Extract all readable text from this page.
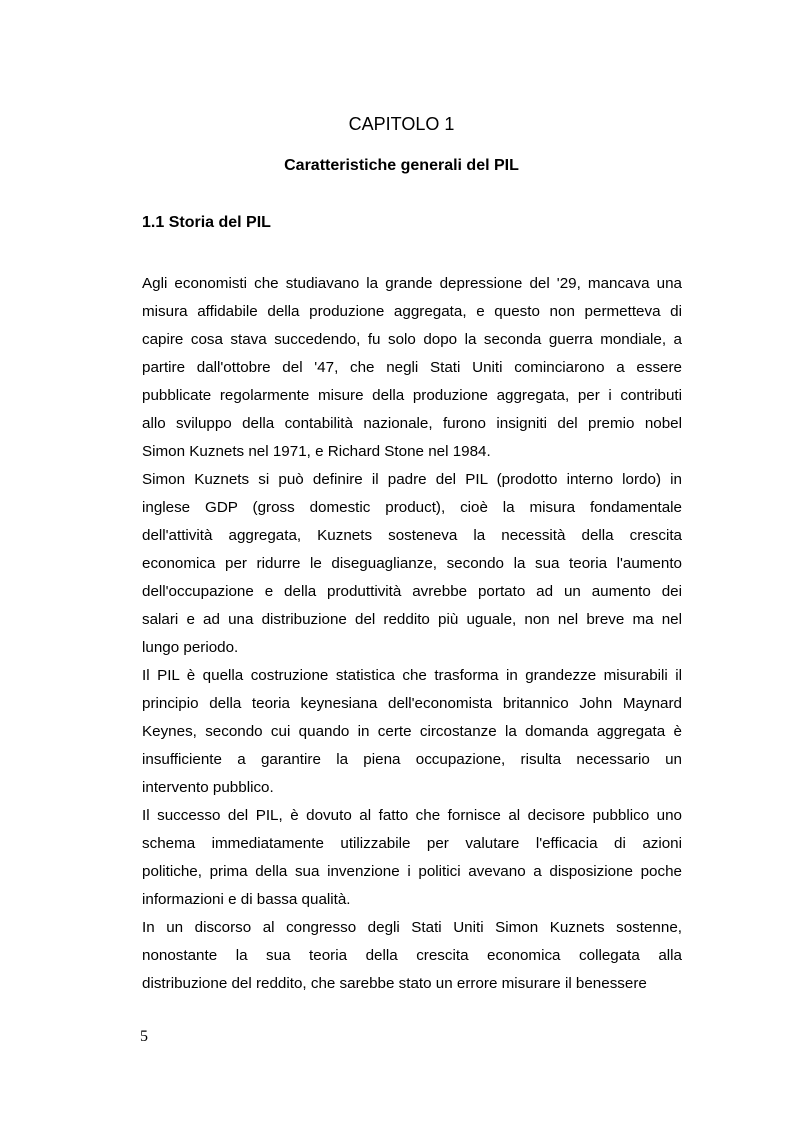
CAPITOLO 1
Caratteristiche generali del PIL
1.1 Storia del PIL
Agli economisti che studiavano la grande depressione del '29, mancava una
misura affidabile della produzione aggregata, e questo non permetteva di
capire cosa stava succedendo, fu solo dopo la seconda guerra mondiale, a
partire dall'ottobre del '47, che negli Stati Uniti cominciarono a essere
pubblicate regolarmente misure della produzione aggregata, per i contributi
allo sviluppo della contabilità nazionale, furono insigniti del premio nobel
Simon Kuznets nel 1971, e Richard Stone nel 1984.
Simon Kuznets si può definire il padre del PIL (prodotto interno lordo) in
inglese GDP (gross domestic product), cioè la misura fondamentale
dell'attività aggregata, Kuznets sosteneva la necessità della crescita
economica per ridurre le diseguaglianze, secondo la sua teoria l'aumento
dell'occupazione e della produttività avrebbe portato ad un aumento dei
salari e ad una distribuzione del reddito più uguale, non nel breve ma nel
lungo periodo.
Il PIL è quella costruzione statistica che trasforma in grandezze misurabili il
principio della teoria keynesiana dell'economista britannico John Maynard
Keynes, secondo cui quando in certe circostanze la domanda aggregata è
insufficiente a garantire la piena occupazione, risulta necessario un
intervento pubblico.
Il successo del PIL, è dovuto al fatto che fornisce al decisore pubblico uno
schema immediatamente utilizzabile per valutare l'efficacia di azioni
politiche, prima della sua invenzione i politici avevano a disposizione poche
informazioni e di bassa qualità.
In un discorso al congresso degli Stati Uniti Simon Kuznets sostenne,
nonostante la sua teoria della crescita economica collegata alla
distribuzione del reddito, che sarebbe stato un errore misurare il benessere
5
